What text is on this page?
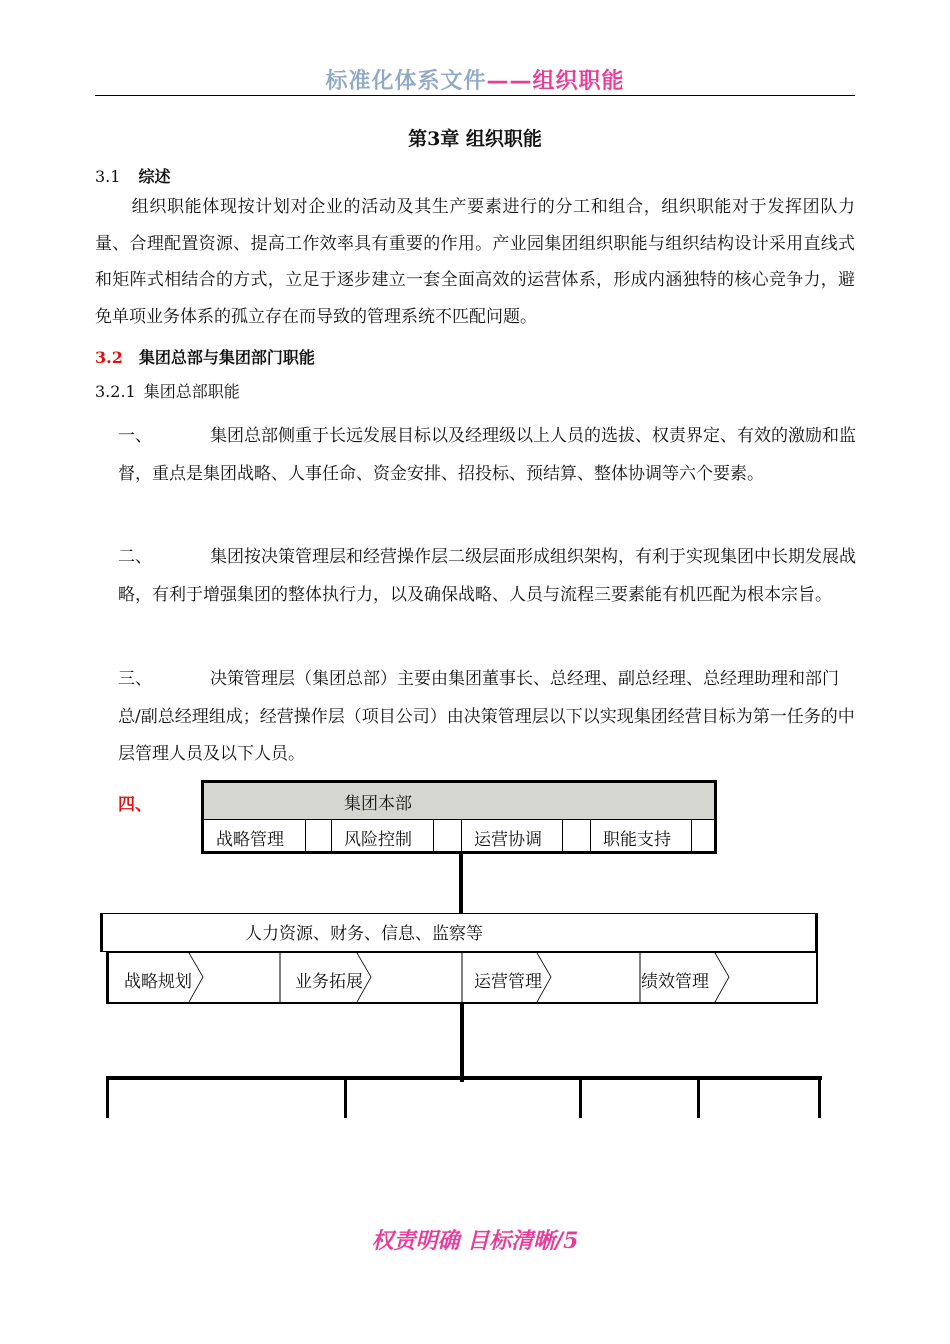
标准化体系文件——组织职能
第3章 组织职能
3.1 综述
组织职能体现按计划对企业的活动及其生产要素进行的分工和组合，组织职能对于发挥团队力量、合理配置资源、提高工作效率具有重要的作用。产业园集团组织职能与组织结构设计采用直线式和矩阵式相结合的方式，立足于逐步建立一套全面高效的运营体系，形成内涵独特的核心竞争力，避免单项业务体系的孤立存在而导致的管理系统不匹配问题。
3.2 集团总部与集团部门职能
3.2.1 集团总部职能
一、	集团总部侧重于长远发展目标以及经理级以上人员的选拔、权责界定、有效的激励和监督，重点是集团战略、人事任命、资金安排、招投标、预结算、整体协调等六个要素。
二、	集团按决策管理层和经营操作层二级层面形成组织架构，有利于实现集团中长期发展战略，有利于增强集团的整体执行力，以及确保战略、人员与流程三要素能有机匹配为根本宗旨。
三、	决策管理层（集团总部）主要由集团董事长、总经理、副总经理、总经理助理和部门总/副总经理组成；经营操作层（项目公司）由决策管理层以下以实现集团经营目标为第一任务的中层管理人员及以下人员。
四、	集团本部
战略管理	风险控制	运营协调	职能支持
人力资源、财务、信息、监察等
战略规划	业务拓展	运营管理	绩效管理
权责明确 目标清晰/5
